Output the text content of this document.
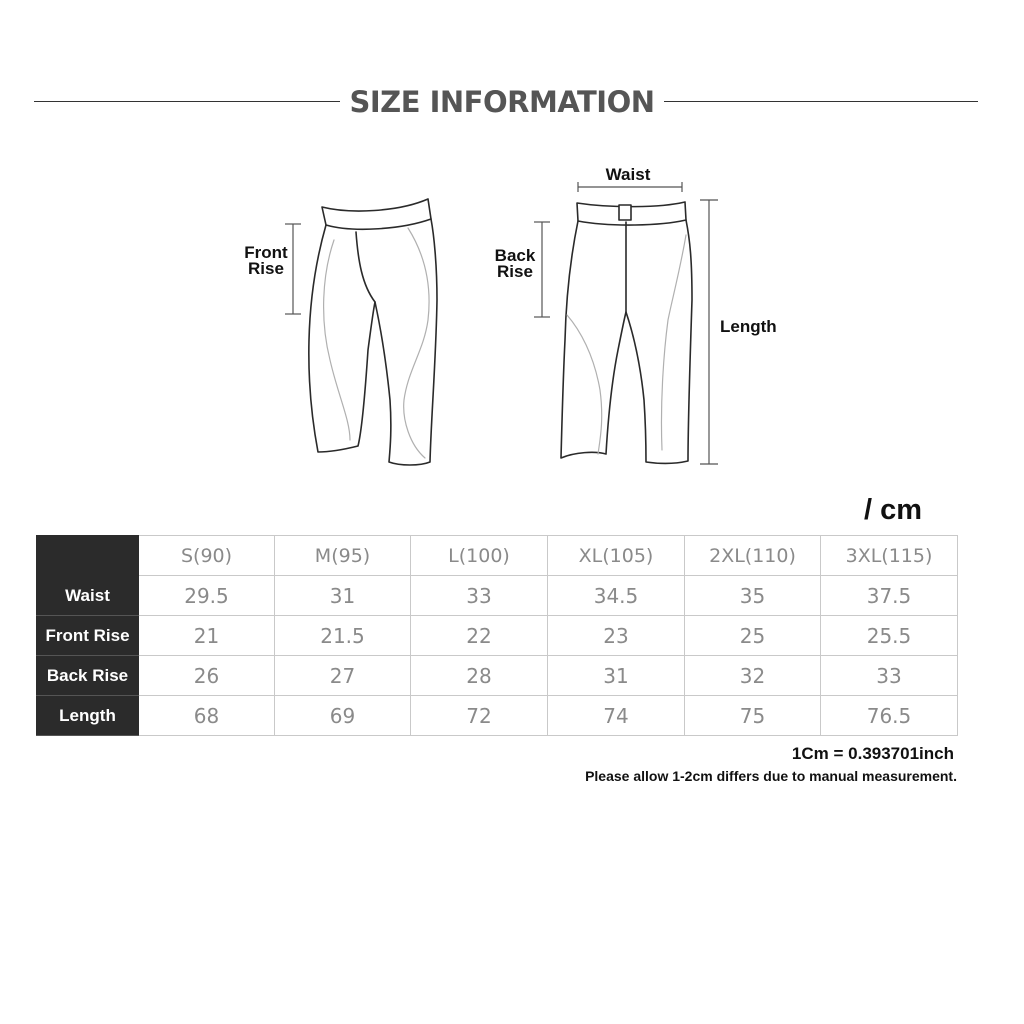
SIZE INFORMATION
Front
Rise
Back
Rise
Waist
Length
/ cm
	S(90)	M(95)	L(100)	XL(105)	2XL(110)	3XL(115)
Waist	29.5	31	33	34.5	35	37.5
Front Rise	21	21.5	22	23	25	25.5
Back Rise	26	27	28	31	32	33
Length	68	69	72	74	75	76.5
1Cm = 0.393701inch
Please allow 1-2cm differs due to manual measurement.
